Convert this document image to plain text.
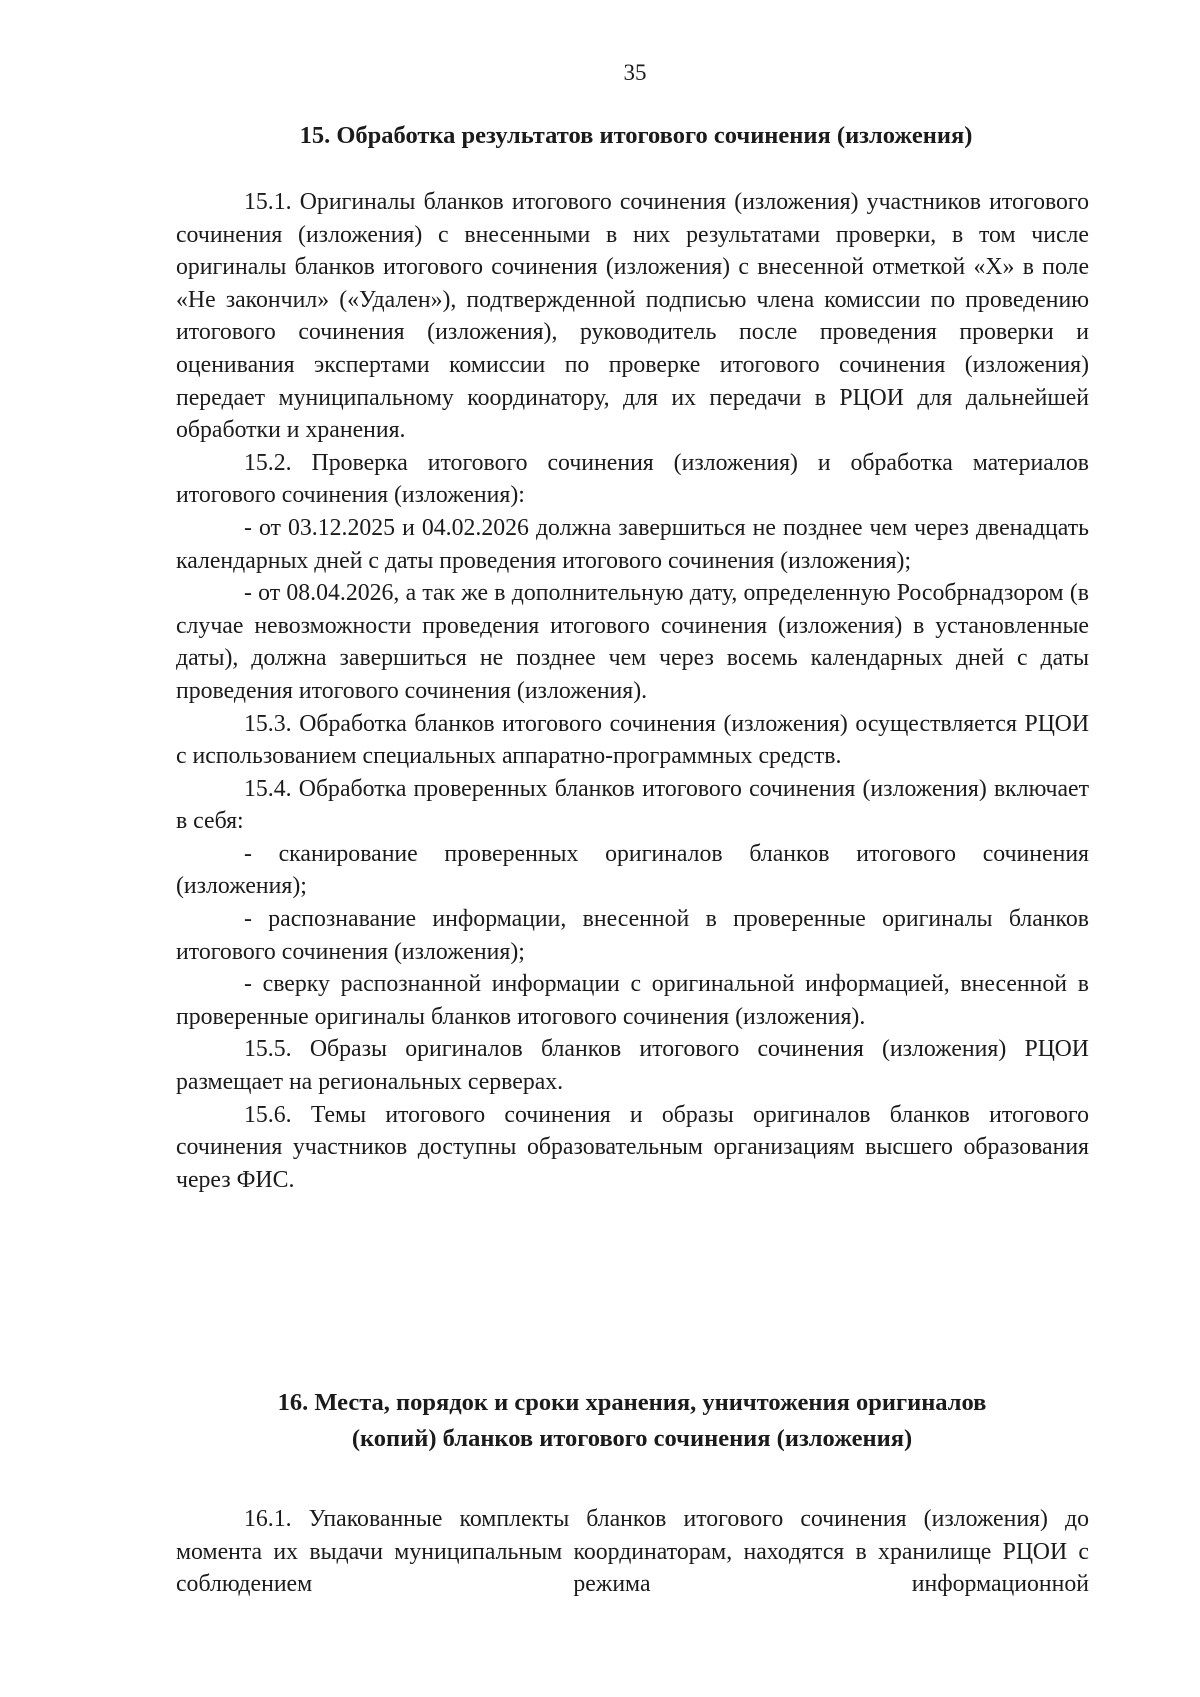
35
15. Обработка результатов итогового сочинения (изложения)

15.1. Оригиналы бланков итогового сочинения (изложения) участников итогового сочинения (изложения) с внесенными в них результатами проверки, в том числе оригиналы бланков итогового сочинения (изложения) с внесенной отметкой «X» в поле «Не закончил» («Удален»), подтвержденной подписью члена комиссии по проведению итогового сочинения (изложения), руководитель после проведения проверки и оценивания экспертами комиссии по проверке итогового сочинения (изложения) передает муниципальному координатору, для их передачи в РЦОИ для дальнейшей обработки и хранения.

15.2. Проверка итогового сочинения (изложения) и обработка материалов итогового сочинения (изложения):

- от 03.12.2025 и 04.02.2026 должна завершиться не позднее чем через двенадцать календарных дней с даты проведения итогового сочинения (изложения);

- от 08.04.2026, а так же в дополнительную дату, определенную Рособрнадзором (в случае невозможности проведения итогового сочинения (изложения) в установленные даты), должна завершиться не позднее чем через восемь календарных дней с даты проведения итогового сочинения (изложения).

15.3. Обработка бланков итогового сочинения (изложения) осуществляется РЦОИ с использованием специальных аппаратно-программных средств.

15.4. Обработка проверенных бланков итогового сочинения (изложения) включает в себя:

- сканирование проверенных оригиналов бланков итогового сочинения (изложения);

- распознавание информации, внесенной в проверенные оригиналы бланков итогового сочинения (изложения);

- сверку распознанной информации с оригинальной информацией, внесенной в проверенные оригиналы бланков итогового сочинения (изложения).

15.5. Образы оригиналов бланков итогового сочинения (изложения) РЦОИ размещает на региональных серверах.

15.6. Темы итогового сочинения и образы оригиналов бланков итогового сочинения участников доступны образовательным организациям высшего образования через ФИС.

16. Места, порядок и сроки хранения, уничтожения оригиналов
(копий) бланков итогового сочинения (изложения)

16.1. Упакованные комплекты бланков итогового сочинения (изложения) до момента их выдачи муниципальным координаторам, находятся в хранилище РЦОИ с соблюдением режима информационной
